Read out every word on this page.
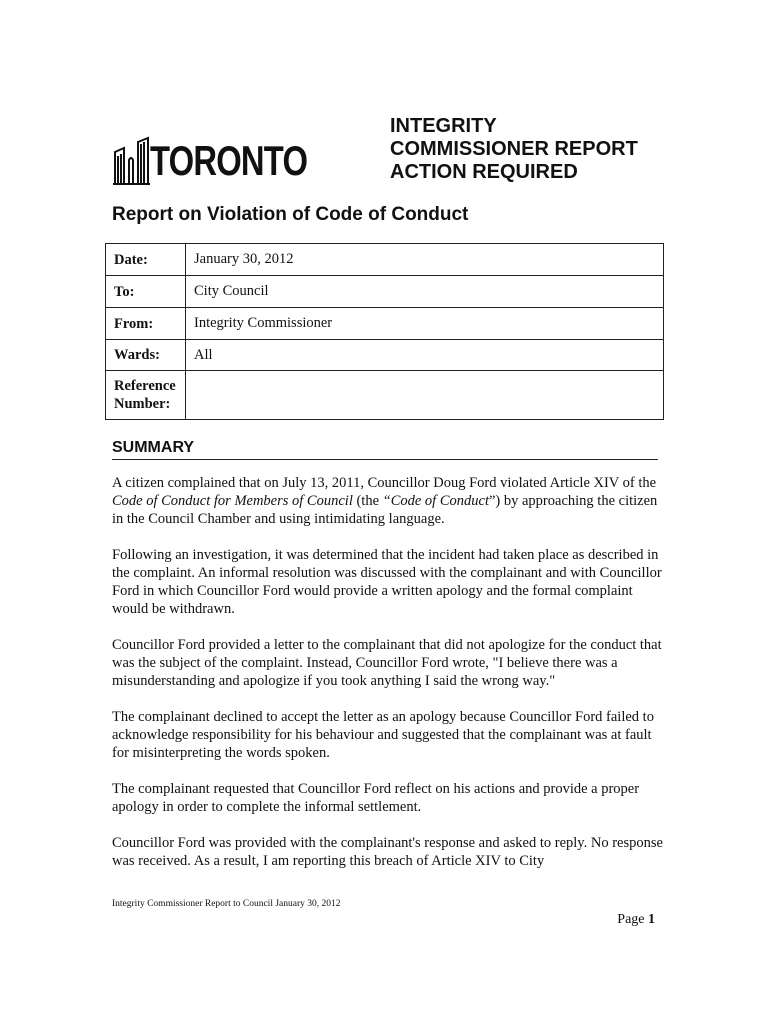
TORONTO
INTEGRITY
COMMISSIONER REPORT
ACTION REQUIRED
Report on Violation of Code of Conduct
Date:	January 30, 2012
To:	City Council
From:	Integrity Commissioner
Wards:	All
Reference Number:	
SUMMARY

A citizen complained that on July 13, 2011, Councillor Doug Ford violated Article XIV of the Code of Conduct for Members of Council (the “Code of Conduct”) by approaching the citizen in the Council Chamber and using intimidating language.

Following an investigation, it was determined that the incident had taken place as described in the complaint. An informal resolution was discussed with the complainant and with Councillor Ford in which Councillor Ford would provide a written apology and the formal complaint would be withdrawn.

Councillor Ford provided a letter to the complainant that did not apologize for the conduct that was the subject of the complaint. Instead, Councillor Ford wrote, "I believe there was a misunderstanding and apologize if you took anything I said the wrong way."

The complainant declined to accept the letter as an apology because Councillor Ford failed to acknowledge responsibility for his behaviour and suggested that the complainant was at fault for misinterpreting the words spoken.

The complainant requested that Councillor Ford reflect on his actions and provide a proper apology in order to complete the informal settlement.

Councillor Ford was provided with the complainant's response and asked to reply. No response was received. As a result, I am reporting this breach of Article XIV to City

Integrity Commissioner Report to Council January 30, 2012
Page 1
